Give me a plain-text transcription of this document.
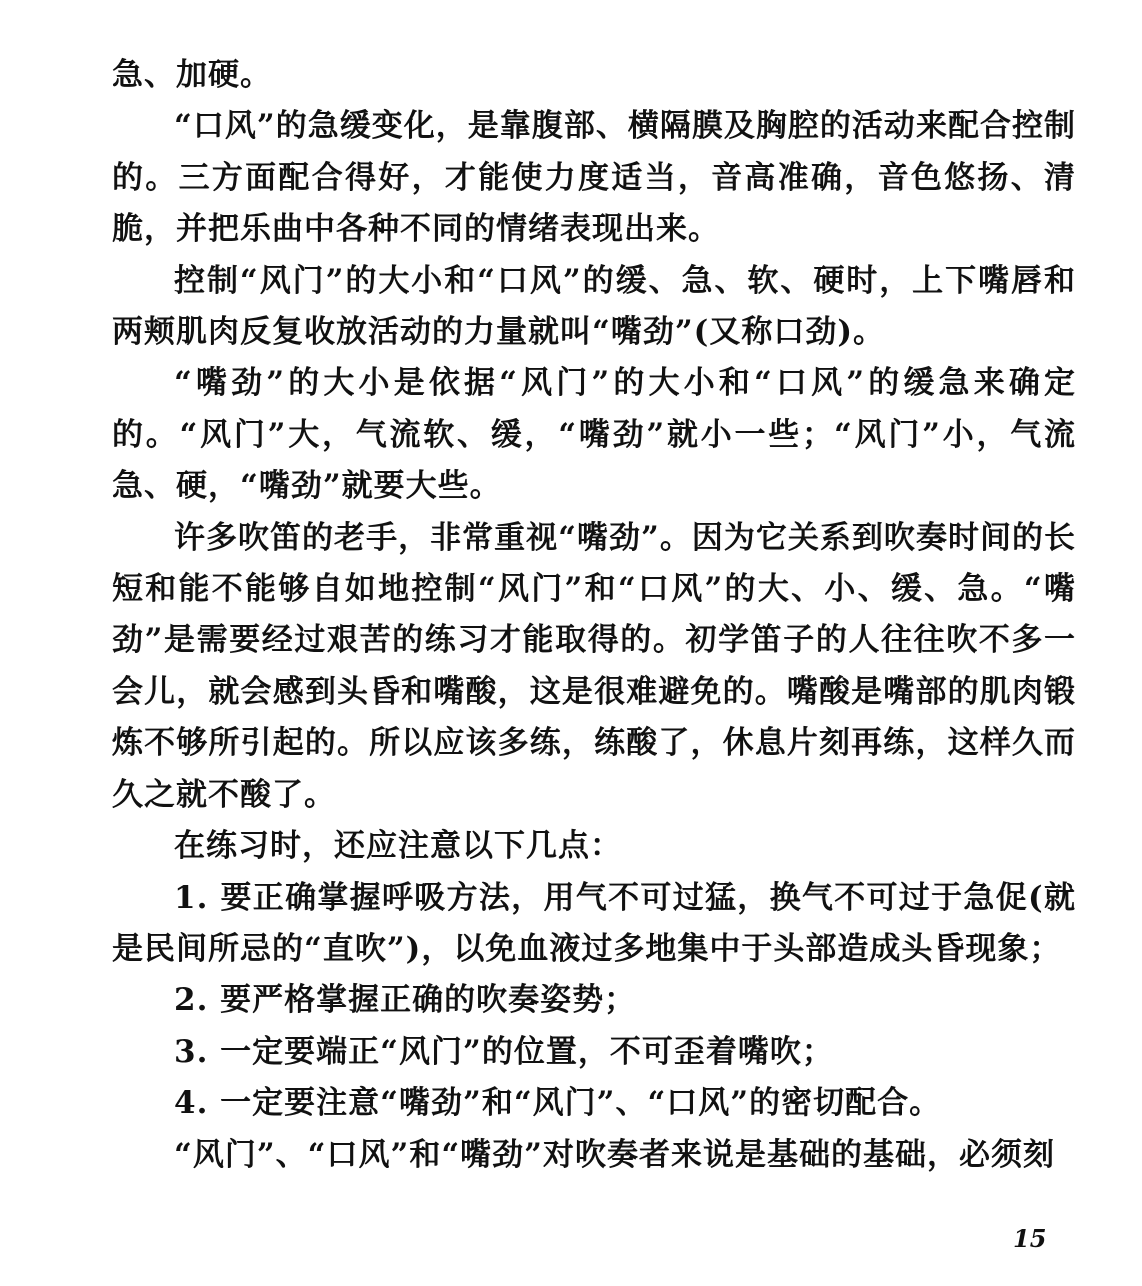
急、加硬。

“口风”的急缓变化，是靠腹部、横隔膜及胸腔的活动来配合控制的。三方面配合得好，才能使力度适当，音高准确，音色悠扬、清脆，并把乐曲中各种不同的情绪表现出来。

控制“风门”的大小和“口风”的缓、急、软、硬时，上下嘴唇和两颊肌肉反复收放活动的力量就叫“嘴劲”(又称口劲)。

“嘴劲”的大小是依据“风门”的大小和“口风”的缓急来确定的。“风门”大，气流软、缓，“嘴劲”就小一些；“风门”小，气流急、硬，“嘴劲”就要大些。

许多吹笛的老手，非常重视“嘴劲”。因为它关系到吹奏时间的长短和能不能够自如地控制“风门”和“口风”的大、小、缓、急。“嘴劲”是需要经过艰苦的练习才能取得的。初学笛子的人往往吹不多一会儿，就会感到头昏和嘴酸，这是很难避免的。嘴酸是嘴部的肌肉锻炼不够所引起的。所以应该多练，练酸了，休息片刻再练，这样久而久之就不酸了。

在练习时，还应注意以下几点：

1. 要正确掌握呼吸方法，用气不可过猛，换气不可过于急促(就是民间所忌的“直吹”)，以免血液过多地集中于头部造成头昏现象；

2. 要严格掌握正确的吹奏姿势；

3. 一定要端正“风门”的位置，不可歪着嘴吹；

4. 一定要注意“嘴劲”和“风门”、“口风”的密切配合。

“风门”、“口风”和“嘴劲”对吹奏者来说是基础的基础，必须刻

15
